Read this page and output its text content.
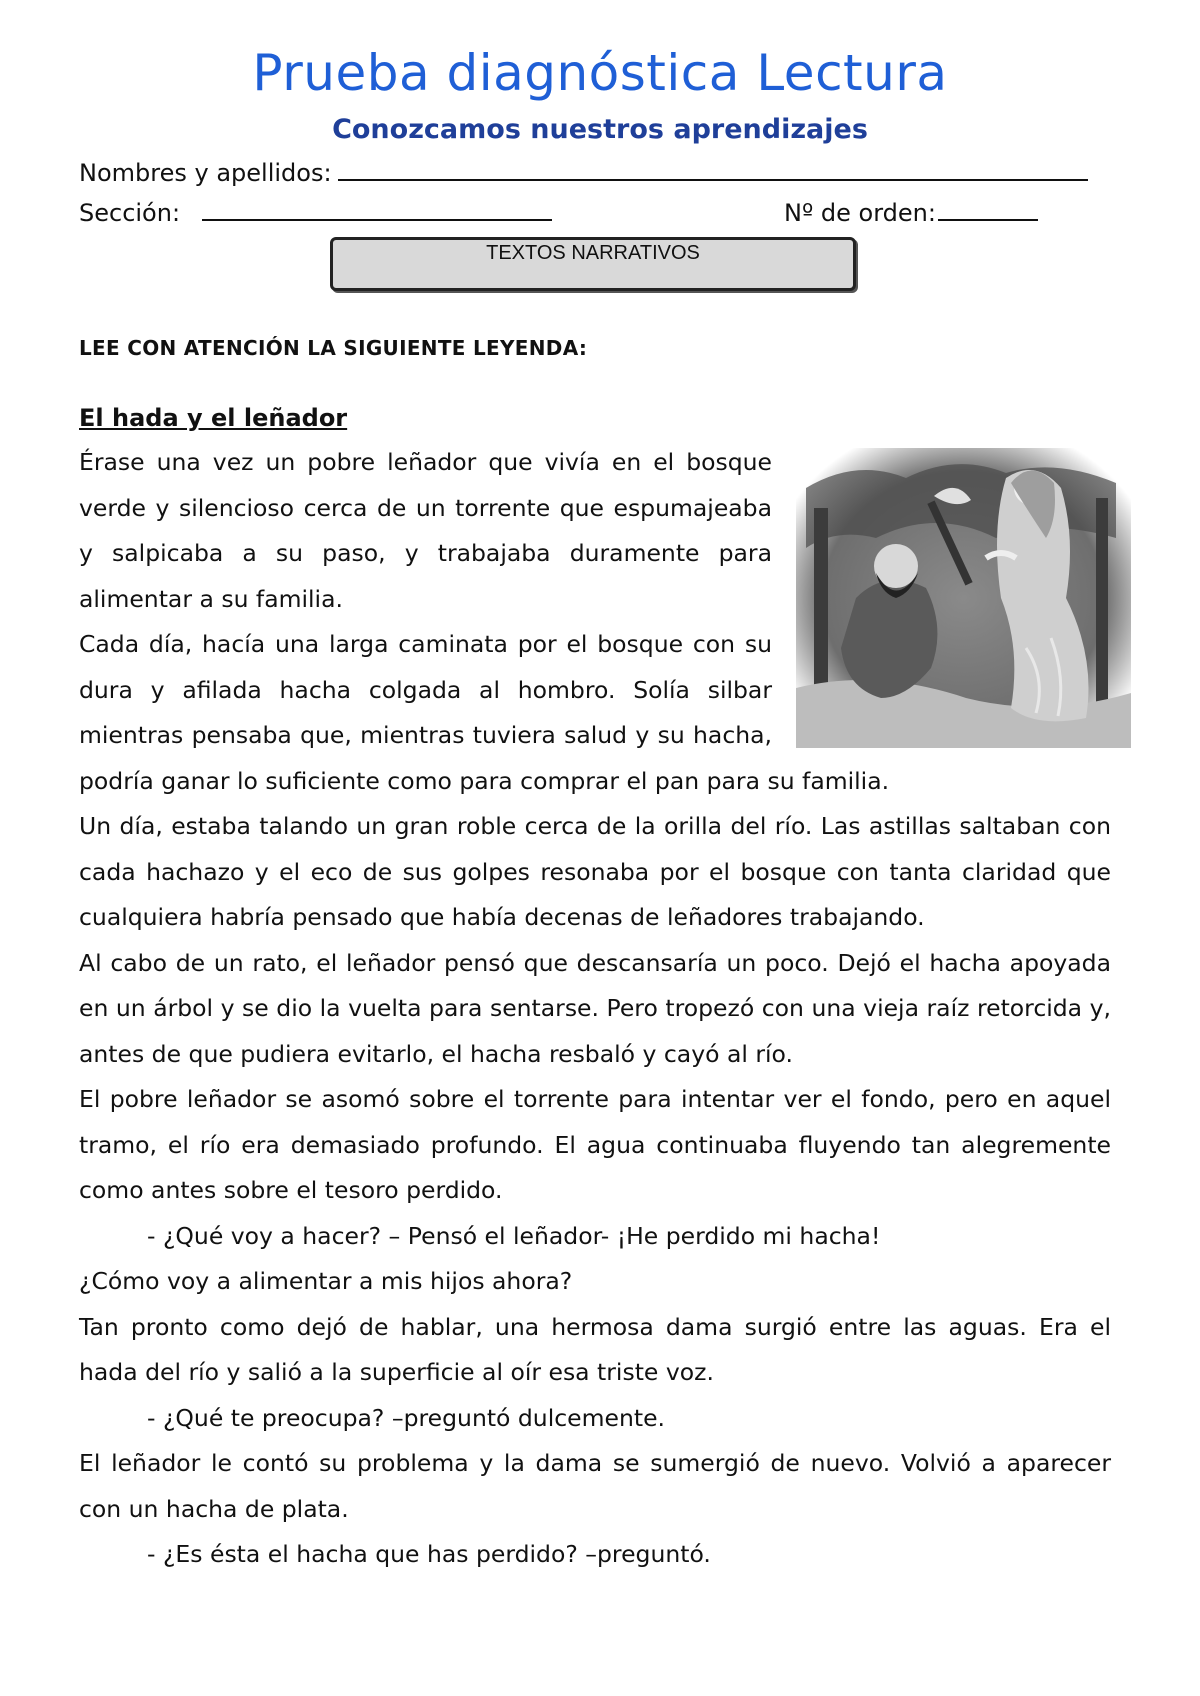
Prueba diagnóstica Lectura
Conozcamos nuestros aprendizajes
Nombres y apellidos:
Sección:	Nº de orden:
TEXTOS NARRATIVOS
LEE CON ATENCIÓN LA SIGUIENTE LEYENDA:
El hada y el leñador

Érase una vez un pobre leñador que vivía en el bosque verde y silencioso cerca de un torrente que espumajeaba y salpicaba a su paso, y trabajaba duramente para alimentar a su familia.

Cada día, hacía una larga caminata por el bosque con su dura y afilada hacha colgada al hombro. Solía silbar mientras pensaba que, mientras tuviera salud y su hacha, podría ganar lo suficiente como para comprar el pan para su familia.

Un día, estaba talando un gran roble cerca de la orilla del río. Las astillas saltaban con cada hachazo y el eco de sus golpes resonaba por el bosque con tanta claridad que cualquiera habría pensado que había decenas de leñadores trabajando.

Al cabo de un rato, el leñador pensó que descansaría un poco. Dejó el hacha apoyada en un árbol y se dio la vuelta para sentarse. Pero tropezó con una vieja raíz retorcida y, antes de que pudiera evitarlo, el hacha resbaló y cayó al río.

El pobre leñador se asomó sobre el torrente para intentar ver el fondo, pero en aquel tramo, el río era demasiado profundo. El agua continuaba fluyendo tan alegremente como antes sobre el tesoro perdido.

- ¿Qué voy a hacer? – Pensó el leñador- ¡He perdido mi hacha!

¿Cómo voy a alimentar a mis hijos ahora?

Tan pronto como dejó de hablar, una hermosa dama surgió entre las aguas. Era el hada del río y salió a la superficie al oír esa triste voz.

- ¿Qué te preocupa? –preguntó dulcemente.

El leñador le contó su problema y la dama se sumergió de nuevo. Volvió a aparecer con un hacha de plata.

- ¿Es ésta el hacha que has perdido? –preguntó.
